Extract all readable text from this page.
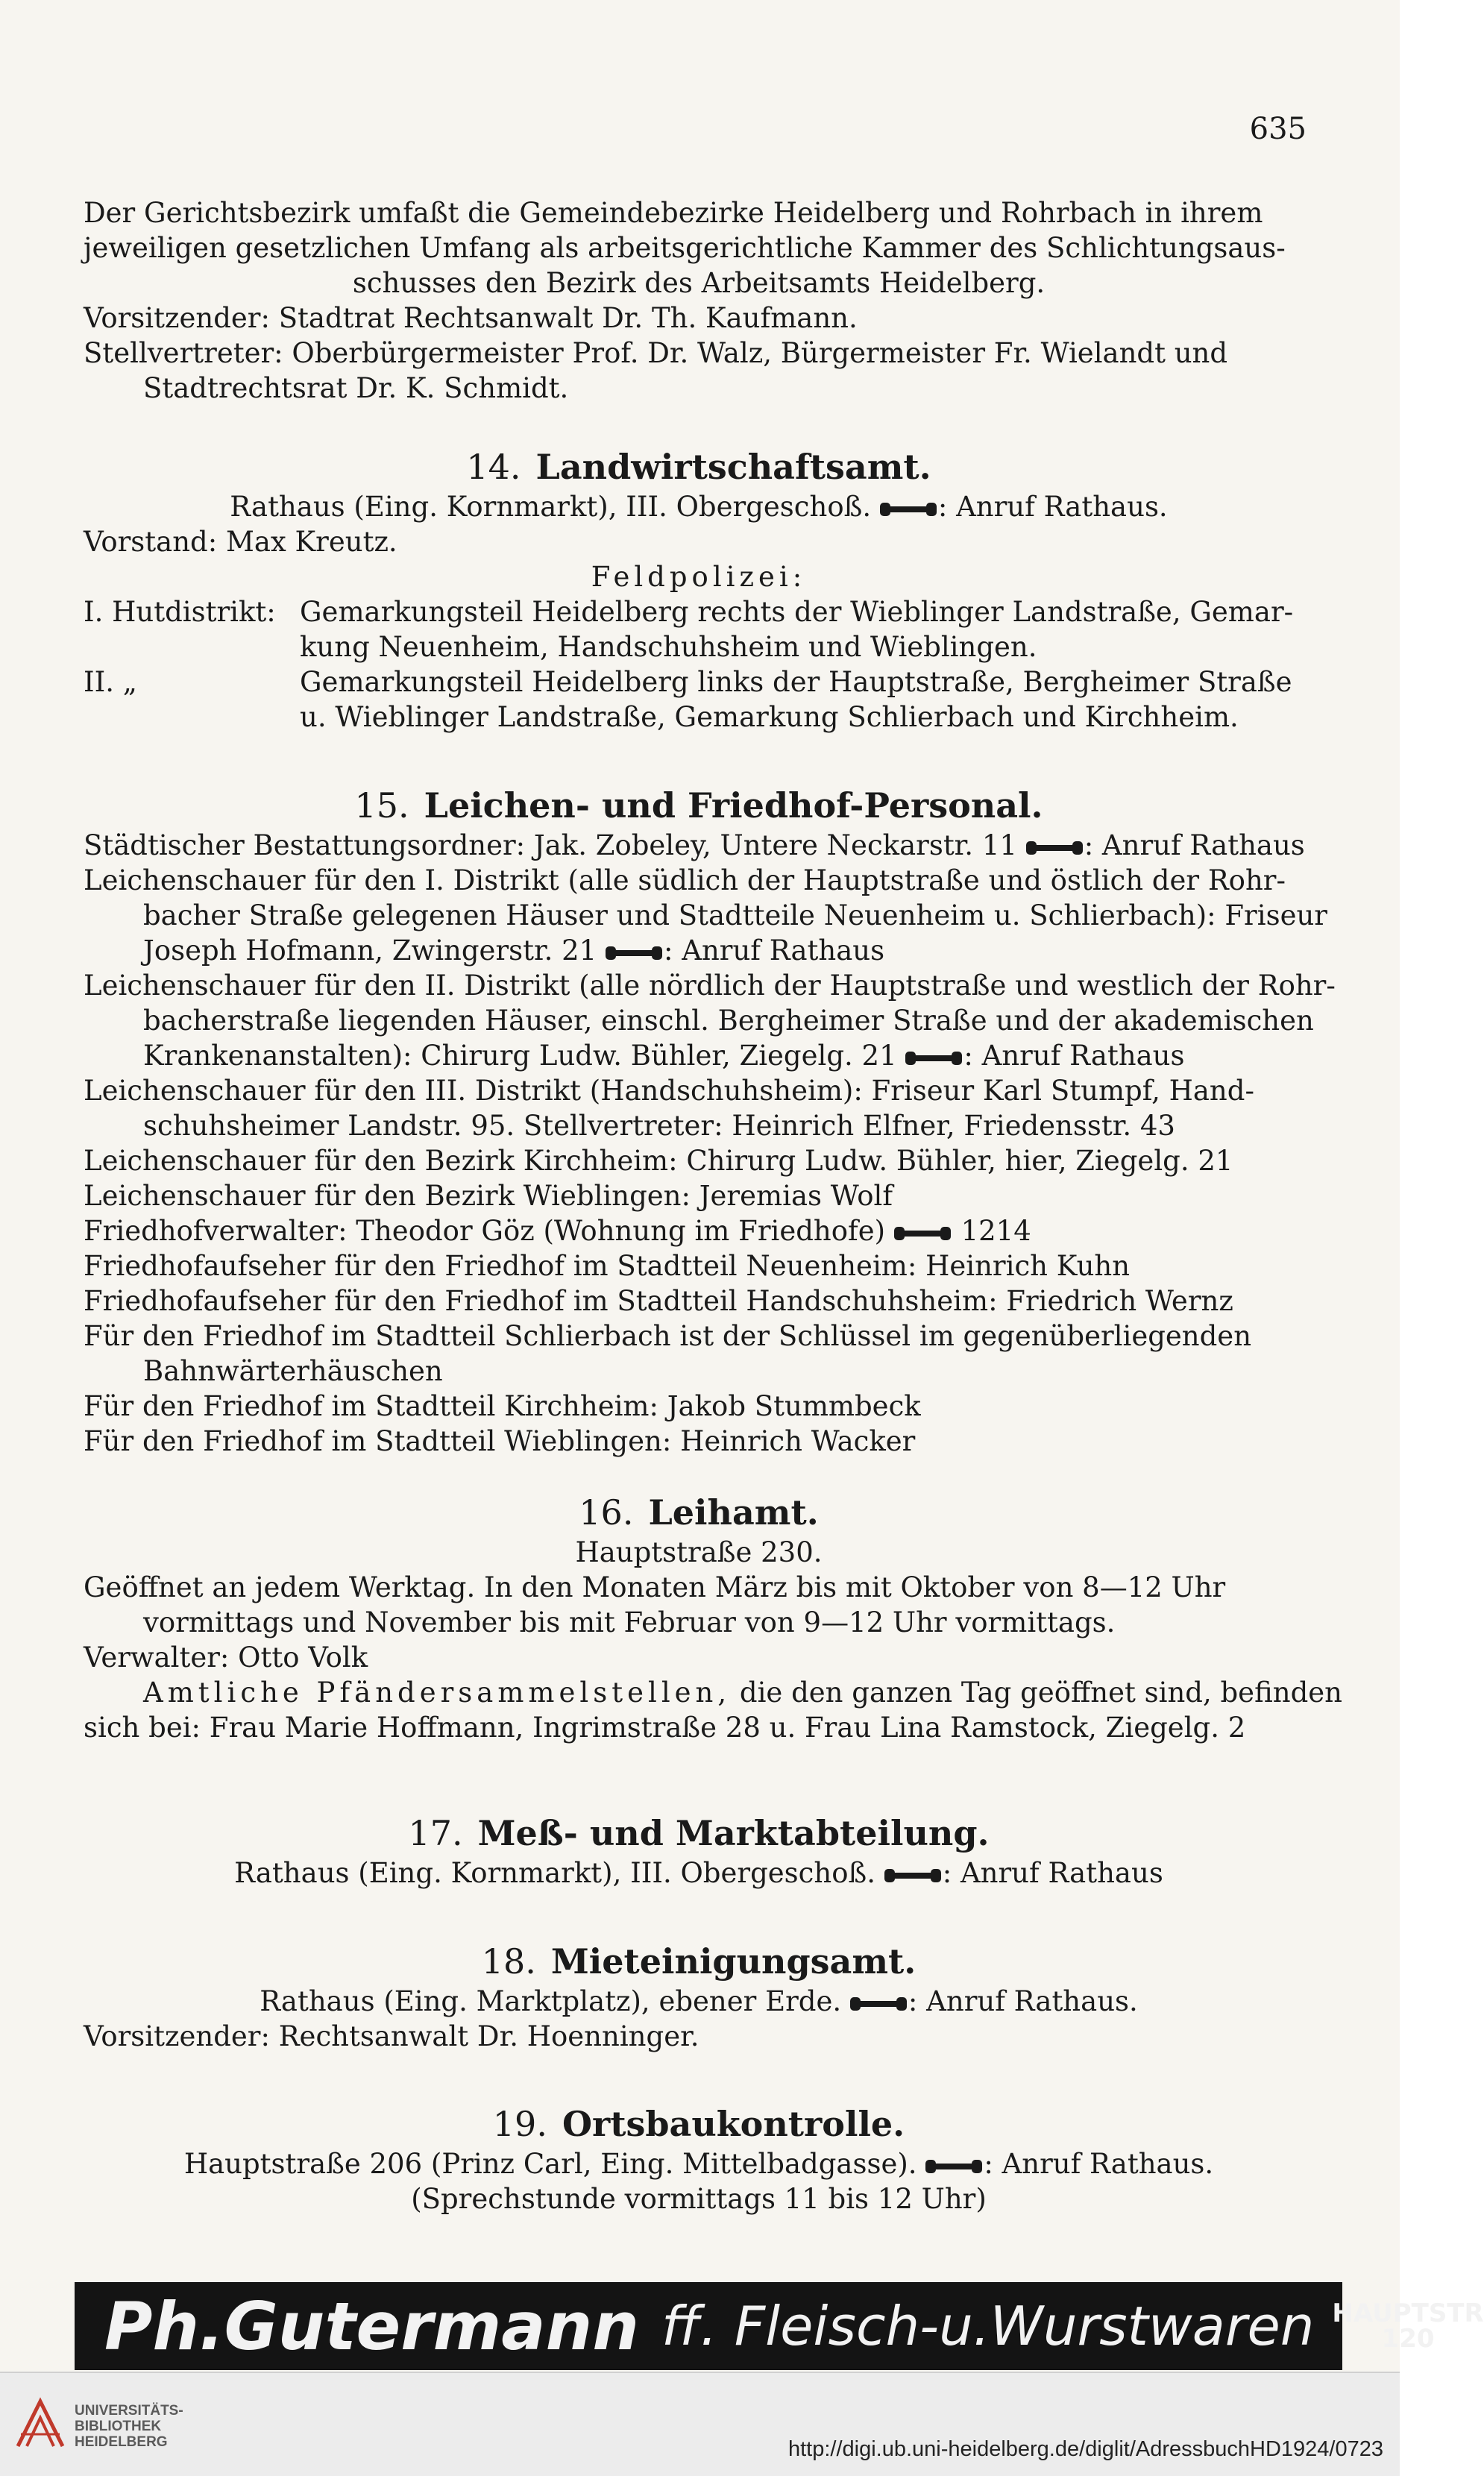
635
Der Gerichtsbezirk umfaßt die Gemeindebezirke Heidelberg und Rohrbach in ihrem
jeweiligen gesetzlichen Umfang als arbeitsgerichtliche Kammer des Schlichtungsaus-
schusses den Bezirk des Arbeitsamts Heidelberg.
Vorsitzender: Stadtrat Rechtsanwalt Dr. Th. Kaufmann.
Stellvertreter: Oberbürgermeister Prof. Dr. Walz, Bürgermeister Fr. Wielandt und
Stadtrechtsrat Dr. K. Schmidt.
14. Landwirtschaftsamt.
Rathaus (Eing. Kornmarkt), III. Obergeschoß. : Anruf Rathaus.
Vorstand: Max Kreutz.
Feldpolizei:
I. Hutdistrikt: Gemarkungsteil Heidelberg rechts der Wieblinger Landstraße, Gemar-
kung Neuenheim, Handschuhsheim und Wieblingen.
II. „	Gemarkungsteil Heidelberg links der Hauptstraße, Bergheimer Straße
u. Wieblinger Landstraße, Gemarkung Schlierbach und Kirchheim.
15. Leichen- und Friedhof-Personal.
Städtischer Bestattungsordner: Jak. Zobeley, Untere Neckarstr. 11 : Anruf Rathaus
Leichenschauer für den I. Distrikt (alle südlich der Hauptstraße und östlich der Rohr-
bacher Straße gelegenen Häuser und Stadtteile Neuenheim u. Schlierbach): Friseur
Joseph Hofmann, Zwingerstr. 21 : Anruf Rathaus
Leichenschauer für den II. Distrikt (alle nördlich der Hauptstraße und westlich der Rohr-
bacherstraße liegenden Häuser, einschl. Bergheimer Straße und der akademischen
Krankenanstalten): Chirurg Ludw. Bühler, Ziegelg. 21 : Anruf Rathaus
Leichenschauer für den III. Distrikt (Handschuhsheim): Friseur Karl Stumpf, Hand-
schuhsheimer Landstr. 95. Stellvertreter: Heinrich Elfner, Friedensstr. 43
Leichenschauer für den Bezirk Kirchheim: Chirurg Ludw. Bühler, hier, Ziegelg. 21
Leichenschauer für den Bezirk Wieblingen: Jeremias Wolf
Friedhofverwalter: Theodor Göz (Wohnung im Friedhofe)	1214
Friedhofaufseher für den Friedhof im Stadtteil Neuenheim: Heinrich Kuhn
Friedhofaufseher für den Friedhof im Stadtteil Handschuhsheim: Friedrich Wernz
Für den Friedhof im Stadtteil Schlierbach ist der Schlüssel im gegenüberliegenden
Bahnwärterhäuschen
Für den Friedhof im Stadtteil Kirchheim: Jakob Stummbeck
Für den Friedhof im Stadtteil Wieblingen: Heinrich Wacker
16. Leihamt.
Hauptstraße 230.
Geöffnet an jedem Werktag. In den Monaten März bis mit Oktober von 8—12 Uhr
vormittags und November bis mit Februar von 9—12 Uhr vormittags.
Verwalter: Otto Volk
Amtliche Pfändersammelstellen, die den ganzen Tag geöffnet sind, befinden
sich bei: Frau Marie Hoffmann, Ingrimstraße 28 u. Frau Lina Ramstock, Ziegelg. 2
17. Meß- und Marktabteilung.
Rathaus (Eing. Kornmarkt), III. Obergeschoß. : Anruf Rathaus
18. Mieteinigungsamt.
Rathaus (Eing. Marktplatz), ebener Erde. : Anruf Rathaus.
Vorsitzender: Rechtsanwalt Dr. Hoenninger.
19. Ortsbaukontrolle.
Hauptstraße 206 (Prinz Carl, Eing. Mittelbadgasse). : Anruf Rathaus.
(Sprechstunde vormittags 11 bis 12 Uhr)
Ph.Gutermann ff. Fleisch-u.Wurstwaren HAUPTSTR
120
UNIVERSITÄTS-
BIBLIOTHEK
HEIDELBERG	http://digi.ub.uni-heidelberg.de/diglit/AdressbuchHD1924/0723
